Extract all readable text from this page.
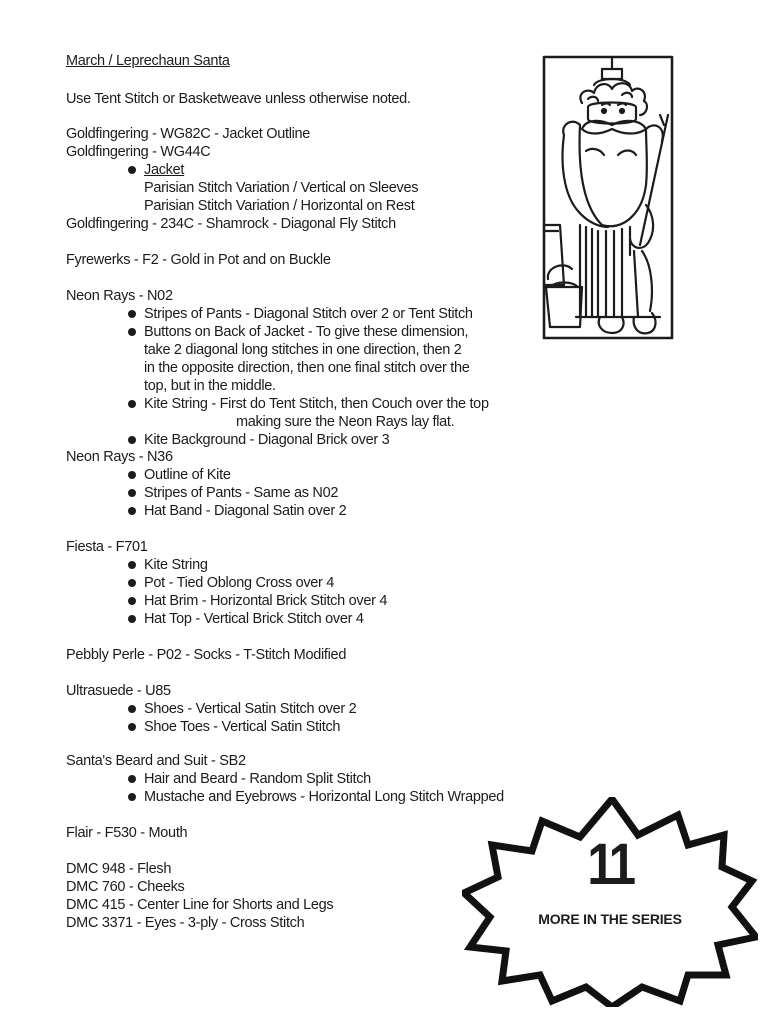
March / Leprechaun Santa
Use Tent Stitch or Basketweave unless otherwise noted.
Goldfingering - WG82C - Jacket Outline
Goldfingering - WG44C
Jacket
Parisian Stitch Variation / Vertical on Sleeves
Parisian Stitch Variation / Horizontal on Rest
Goldfingering - 234C - Shamrock - Diagonal Fly Stitch
Fyrewerks - F2 - Gold in Pot and on Buckle
Neon Rays - N02
Stripes of Pants - Diagonal Stitch over 2 or Tent Stitch
Buttons on Back of Jacket - To give these dimension,
take 2 diagonal long stitches in one direction, then 2
in the opposite direction, then one final stitch over the
top, but in the middle.
Kite String - First do Tent Stitch, then Couch over the top
making sure the Neon Rays lay flat.
Kite Background - Diagonal Brick over 3
Neon Rays - N36
Outline of Kite
Stripes of Pants - Same as N02
Hat Band - Diagonal Satin over 2
Fiesta - F701
Kite String
Pot - Tied Oblong Cross over 4
Hat Brim - Horizontal Brick Stitch over 4
Hat Top - Vertical Brick Stitch over 4
Pebbly Perle - P02 - Socks - T-Stitch Modified
Ultrasuede - U85
Shoes - Vertical Satin Stitch over 2
Shoe Toes - Vertical Satin Stitch
Santa's Beard and Suit - SB2
Hair and Beard - Random Split Stitch
Mustache and Eyebrows - Horizontal Long Stitch Wrapped
Flair - F530 - Mouth
DMC 948 - Flesh
DMC 760 - Cheeks
DMC 415 - Center Line for Shorts and Legs
DMC 3371 - Eyes - 3-ply - Cross Stitch
11
MORE IN THE SERIES
